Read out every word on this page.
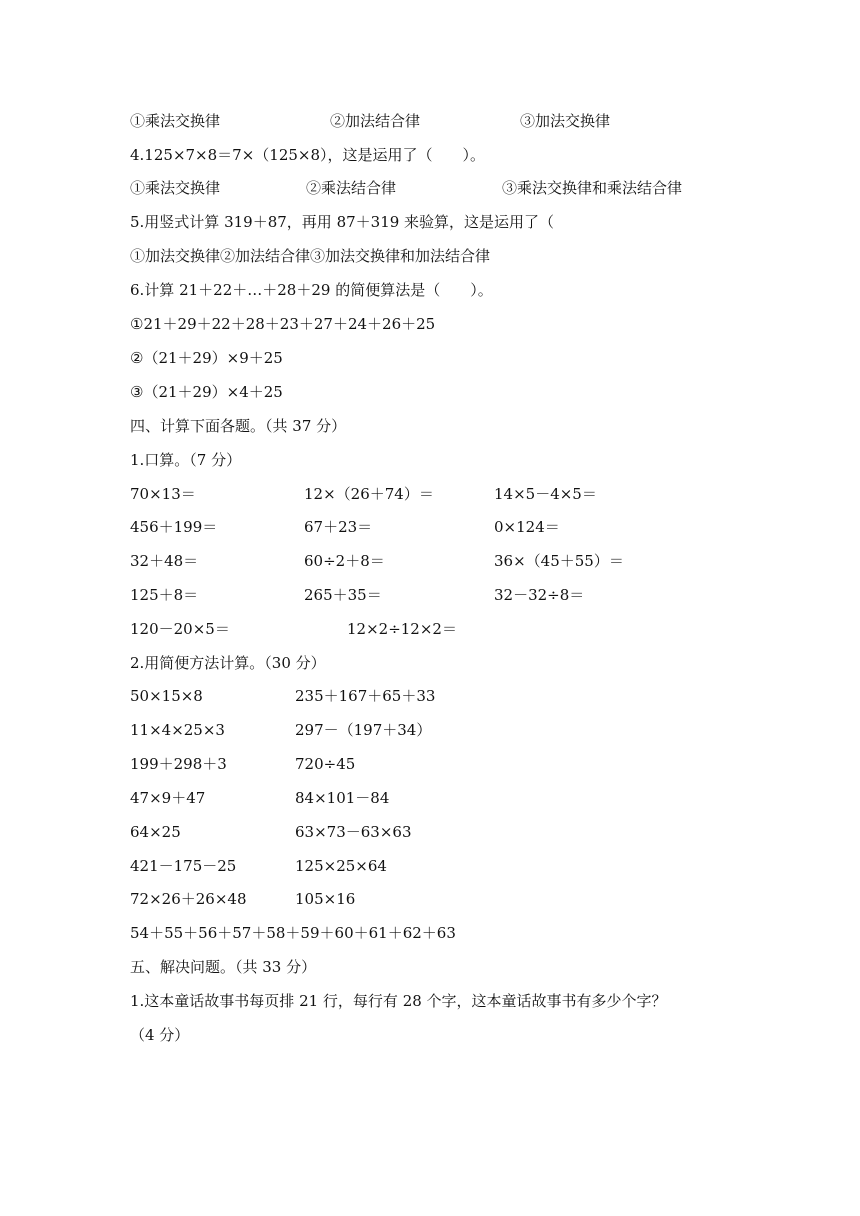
①乘法交换律	②加法结合律	③加法交换律
4.125×7×8＝7×（125×8），这是运用了（　　）。
①乘法交换律	②乘法结合律	③乘法交换律和乘法结合律
5.用竖式计算 319＋87，再用 87＋319 来验算，这是运用了（
①加法交换律②加法结合律③加法交换律和加法结合律
6.计算 21＋22＋…＋28＋29 的简便算法是（　　）。
①21＋29＋22＋28＋23＋27＋24＋26＋25
②（21＋29）×9＋25
③（21＋29）×4＋25
四、计算下面各题。（共 37 分）
1.口算。（7 分）
70×13＝	12×（26＋74）＝	14×5－4×5＝
456＋199＝	67＋23＝	0×124＝
32＋48＝	60÷2＋8＝	36×（45＋55）＝
125＋8＝	265＋35＝	32－32÷8＝
120－20×5＝	12×2÷12×2＝
2.用简便方法计算。（30 分）
50×15×8	235＋167＋65＋33
11×4×25×3	297－（197＋34）
199＋298＋3	720÷45
47×9＋47	84×101－84
64×25	63×73－63×63
421－175－25	125×25×64
72×26＋26×48	105×16
54＋55＋56＋57＋58＋59＋60＋61＋62＋63
五、解决问题。（共 33 分）
1.这本童话故事书每页排 21 行，每行有 28 个字，这本童话故事书有多少个字？
（4 分）
